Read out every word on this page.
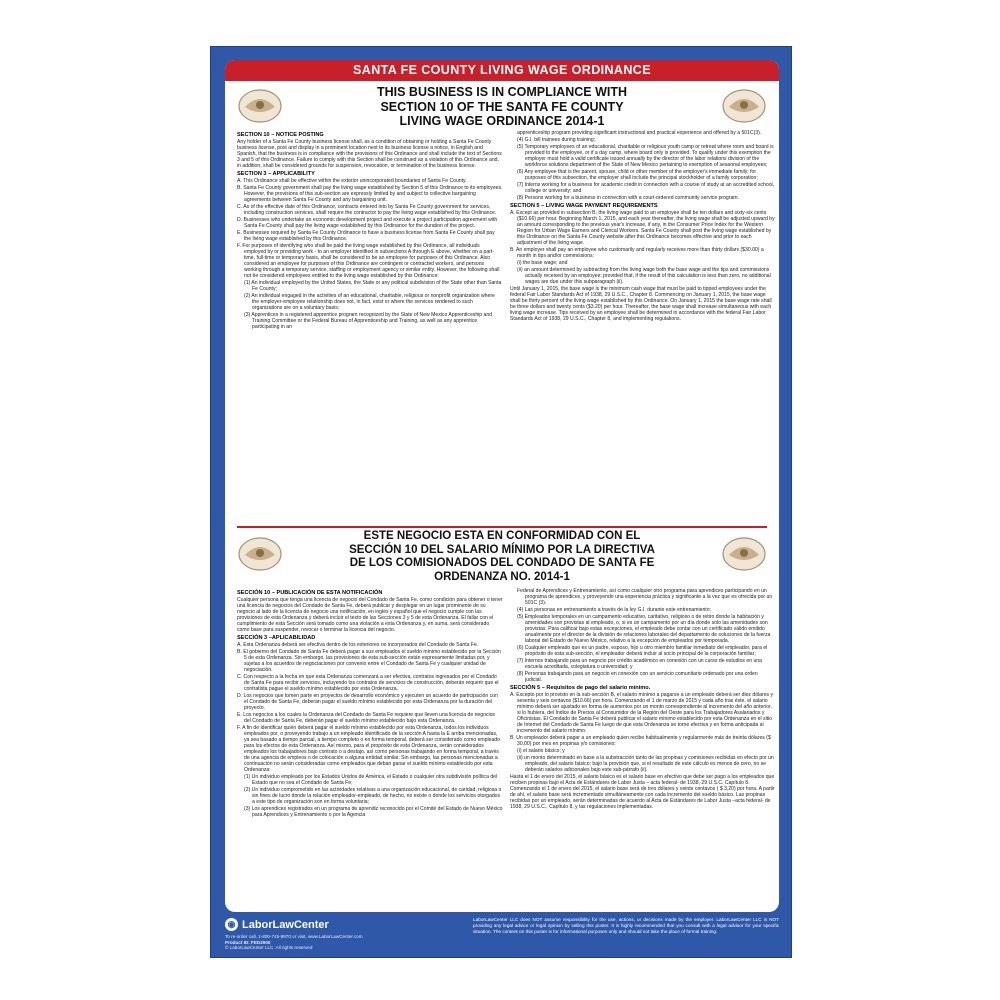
SANTA FE COUNTY LIVING WAGE ORDINANCE
THIS BUSINESS IS IN COMPLIANCE WITH
SECTION 10 OF THE SANTA FE COUNTY
LIVING WAGE ORDINANCE 2014-1
SECTION 10 – NOTICE POSTING

Any holder of a Santa Fe County business license shall, as a condition of obtaining or holding a Santa Fe County business license, post and display in a prominent location next to its business license a notice, in English and Spanish, that the business is in compliance with the provisions of this Ordinance and shall include the text of Sections 3 and 5 of this Ordinance. Failure to comply with this Section shall be construed as a violation of this Ordinance and, in addition, shall be considered grounds for suspension, revocation, or termination of the business license.

SECTION 3 – APPLICABILITY

A. This Ordinance shall be effective within the exterior unincorporated boundaries of Santa Fe County.

B. Santa Fe County government shall pay the living wage established by Section 5 of this Ordinance to its employees. However, the provisions of this sub-section are expressly limited by and subject to collective bargaining agreements between Santa Fe County and any bargaining unit.

C. As of the effective date of this Ordinance, contracts entered into by Santa Fe County government for services, including construction services, shall require the contractor to pay the living wage established by this Ordinance.

D. Businesses who undertake an economic development project and execute a project participation agreement with Santa Fe County shall pay the living wage established by this Ordinance for the duration of the project.

E. Businesses required by Santa Fe County Ordinance to have a business license from Santa Fe County shall pay the living wage established by this Ordinance.

F. For purposes of identifying who shall be paid the living wage established by this Ordinance, all individuals employed by or providing work - to an employer identified in subsections A through E above, whether on a part-time, full-time or temporary basis, shall be considered to be an employee for purposes of this Ordinance. Also considered an employee for purposes of this Ordinance are contingent or contracted workers, and persons working through a temporary service, staffing or employment agency or similar entity. However, the following shall not be considered employees entitled to the living wage established by this Ordinance:

(1) An individual employed by the United States, the State or any political subdivision of the State other than Santa Fe County;

(2) An individual engaged in the activities of an educational, charitable, religious or nonprofit organization where the employer-employee relationship does not, in fact, exist or where the services rendered to such organizations are on a voluntary basis;

(3) Apprentices in a registered apprentice program recognized by the State of New Mexico Apprenticeship and Training Committee or the Federal Bureau of Apprenticeship and Training, as well as any apprentice participating in an

apprenticeship program providing significant instructional and practical experience and offered by a 501C(3).

(4) G.I. bill trainees during training;

(5) Temporary employees of an educational, charitable or religious youth camp or retreat where room and board is provided to the employee, or if a day camp, where board only is provided. To qualify under this exemption the employer must hold a valid certificate issued annually by the director of the labor relations division of the workforce solutions department of the State of New Mexico pertaining to exemption of seasonal employees;

(6) Any employee that is the parent, spouse, child or other member of the employer's immediate family; for purposes of this subsection, the employer shall include the principal stockholder of a family corporation;

(7) Interns working for a business for academic credit in connection with a course of study at an accredited school, college or university; and

(8) Persons working for a business in connection with a court-ordered community service program.

SECTION 5 – LIVING WAGE PAYMENT REQUIREMENTS

A. Except as provided in subsection B, the living wage paid to an employee shall be ten dollars and sixty-six cents ($10.66) per hour. Beginning March 1, 2015, and each year thereafter, the living wage shall be adjusted upward by an amount corresponding to the previous year's increase, if any, in the Consumer Price Index for the Western Region for Urban Wage Earners and Clerical Workers. Santa Fe County shall post the living wage established by this Ordinance on the Santa Fe County website after this Ordinance becomes effective and prior to each adjustment of the living wage.

B. An employer shall pay an employee who customarily and regularly receives more than thirty dollars ($30.00) a month in tips and/or commissions:

(i) the base wage; and

(ii) an amount determined by subtracting from the living wage both the base wage and the tips and commissions actually received by an employee; provided that, if the result of this calculation is less than zero, no additional wages are due under this subparagraph (ii).

Until January 1, 2015, the base wage is the minimum cash wage that must be paid to tipped employees under the federal Fair Labor Standards Act of 1938, 29 U.S.C., Chapter 8. Commencing on January 1, 2015, the base wage shall be thirty percent of the living wage established by this Ordinance. On January 1, 2015 the base wage rate shall be three dollars and twenty cents ($3.20) per hour. Thereafter, the base wage shall increase simultaneous with each living wage increase. Tips received by an employee shall be determined in accordance with the federal Fair Labor Standards Act of 1938, 29 U.S.C., Chapter 8, and implementing regulations.

ESTE NEGOCIO ESTA EN CONFORMIDAD CON EL
SECCIÓN 10 DEL SALARIO MÍNIMO POR LA DIRECTIVA
DE LOS COMISIONADOS DEL CONDADO DE SANTA FE
ORDENANZA NO. 2014-1
SECCIÓN 10 – PUBLICACIÓN DE ESTA NOTIFICACIÓN

Cualquier persona que tenga una licencia de negocio del Condado de Santa Fe, como condición para obtener o tener una licencia de negocios del Condado de Santa Fe, deberá publicar y desplegar en un lugar prominente de su negocio al lado de la licencia de negocio una notificación, en inglés y español que el negocio cumple con las provisiones de esta Ordenanza y deberá incluir el texto de las Secciones 3 y 5 de esta Ordenanza. El fallar con el cumplimiento de esta Sección será tomado como una violación a esta Ordenanza y, en suma, será considerado como base para suspender, revocar o terminar la licencia del negocio.

SECCIÓN 3 –APLICABILIDAD

A. Esta Ordenanza deberá ser efectiva dentro de los exteriores no incorporados del Condado de Santa Fe.

B. El gobierno del Condado de Santa Fe deberá pagar a sus empleados el sueldo mínimo establecido por la Sección 5 de esta Ordenanza. Sin embargo, las provisiones de esta sub-sección están expresamente limitadas por, y sujetas a los acuerdos de negociaciones por convenio entre el Condado de Santa Fe y cualquier unidad de negociación.

C. Con respecto a la fecha en que esta Ordenanza comenzará a ser efectiva, contratos ingresados por el Condado de Santa Fe para recibir servicios, incluyendo los contratos de servicios de construcción, deberán requerir que el contratista pague el sueldo mínimo establecido por esta Ordenanza.

D. Los negocios que tomen parte en proyectos de desarrollo económico y ejecuten un acuerdo de participación con el Condado de Santa Fe, deberán pagar el sueldo mínimo establecido por esta Ordenanza por la duración del proyecto.

E. Los negocios a los cuales la Ordenanza del Condado de Santa Fe requiere que lleven una licencia de negocios del Condado de Santa Fe, deberán pagar el sueldo mínimo establecido bajo esta Ordenanza.

F. A fin de identificar quién deberá pagar el sueldo mínimo establecido por esta Ordenanza, todos los individuos empleados por, o proveyendo trabajo a un empleado identificado de la sección A hasta la E arriba mencionadas, ya sea basado a tiempo parcial, a tiempo completo o en forma temporal, deberá ser considerado como empleado para los efectos de esta Ordenanza. Así mismo, para el propósito de esta Ordenanza, serán considerados empleados los trabajadores bajo contrato o a destajo, así como personas trabajando en forma temporal, a través de una agencia de empleos o de colocación o alguna entidad similar. Sin embargo, las personas mencionadas a continuación no serán consideradas como empleados que deban ganar el sueldo mínimo establecido por esta Ordenanza:

(1) Un individuo empleado por los Estados Unidos de América, el Estado o cualquier otra subdivisión política del Estado que no sea el Condado de Santa Fe;

(2) Un individuo comprometido en las actividades relativas a una organización educacional, de caridad, religiosa o sin fines de lucro donde la relación empleador-empleado, de hecho, no existe o donde los servicios otorgados a este tipo de organización son en forma voluntaria;

(3) Los aprendices registrados en un programa de aprendiz reconocido por el Comité del Estado de Nuevo México para Aprendices y Entrenamiento o por la Agencia

Federal de Aprendices y Entrenamiento, así como cualquier otro programa para aprendices participando en un programa de aprendices, y proveyendo una experiencia práctica y significante a la vez que es ofrecida por un 501C (3).

(4) Las personas en entrenamiento a través de la ley G.I. durante este entrenamiento;

(5) Empleados temporales en un campamento educativo, caritativo, religioso o de retiro donde la habitación y amenidades son provistas al empleado, o, si es un campamento por un día donde solo las amenidades son provistas. Para calificar bajo estas excepciones, el empleado debe contar con un certificado válido emitido anualmente por el director de la división de relaciones laborales del departamento de soluciones de la fuerza laboral del Estado de Nuevo México, relativo a la excepción de empleados por temporada.

(6) Cualquier empleado que es un padre, esposo, hijo u otro miembro familiar inmediato del empleador, para el propósito de esta sub-sección, el empleador deberá incluir al socio principal de la corporación familiar;

(7) Internos trabajando para un negocio por crédito académico en conexión con un curso de estudios en una escuela acreditada, colegiatura o universidad; y

(8) Personas trabajando para un negocio en conexión con un servicio comunitario ordenado por una orden judicial.

SECCIÓN 5 – Requisitos de pago del salario mínimo.

A. Excepto por lo provisto en la sub-sección B, el salario mínimo a pagarse a un empleado deberá ser diez dólares y sesenta y seis centavos ($10.66) por hora. Comenzando el 1 de marzo de 2015 y cada año tras éste, el salario mínimo deberá ser ajustado en forma de aumentos por un monto correspondiente al incremento del año anterior, si lo hubiera, del Índice de Precios al Consumidor de la Región del Oeste para los Trabajadores Asalariados y Oficinistas. El Condado de Santa Fe deberá publicar el salario mínimo establecido por esta Ordenanza en el sitio de Internet del Condado de Santa Fe luego de que esta Ordenanza se torne efectiva y en forma anticipada al incremento del salario mínimo.

B. Un empleador deberá pagar a un empleado quien recibe habitualmente y regularmente más de treinta dólares ($ 30,00) por mes en propinas y/o comisiones:

(i) el salario básico; y

(ii) un monto determinado en base a la substracción tanto de las propinas y comisiones recibidas en efecto por un empleado, del salario básico; bajo la provisión que, si el resultado de este cálculo es menos de cero, no se deberán salarios adicionales bajo este sub-párrafo (ii).

Hasta el 1 de enero del 2015, el salario básico es el salario base en efectivo que debe ser pago a los empleados que reciben propinas bajo el Acta de Estándares de Labor Justa – acta federal- de 1938, 29 U.S.C. Capítulo 8. Comenzando el 1 de enero del 2015, el salario base será de tres dólares y veinte centavos ( $ 3,20) por hora. A partir de ahí, el salario base será incrementado simultáneamente con cada incremento del sueldo básico. Las propinas recibidas por un empleado, serán determinadas de acuerdo al Acta de Estándares de Labor Justa –acta federal- de 1938, 29 U.S.C., Capítulo 8, y las regulaciones implementadas.

◉ LaborLawCenter
To re-order call, 1-800-745-9970 or visit, www.LaborLawCenter.com
Product ID: FED2900
© LaborLawCenter LLC. All rights reserved
LaborLawCenter LLC does NOT assume responsibility for the use, actions, or decisions made by the employer. LaborLawCenter LLC is NOT providing any legal advice or legal opinion by selling this poster. It is highly recommended that you consult with a legal advisor for your specific situation. The content on this poster is for informational purposes only and should not take the place of formal training.
